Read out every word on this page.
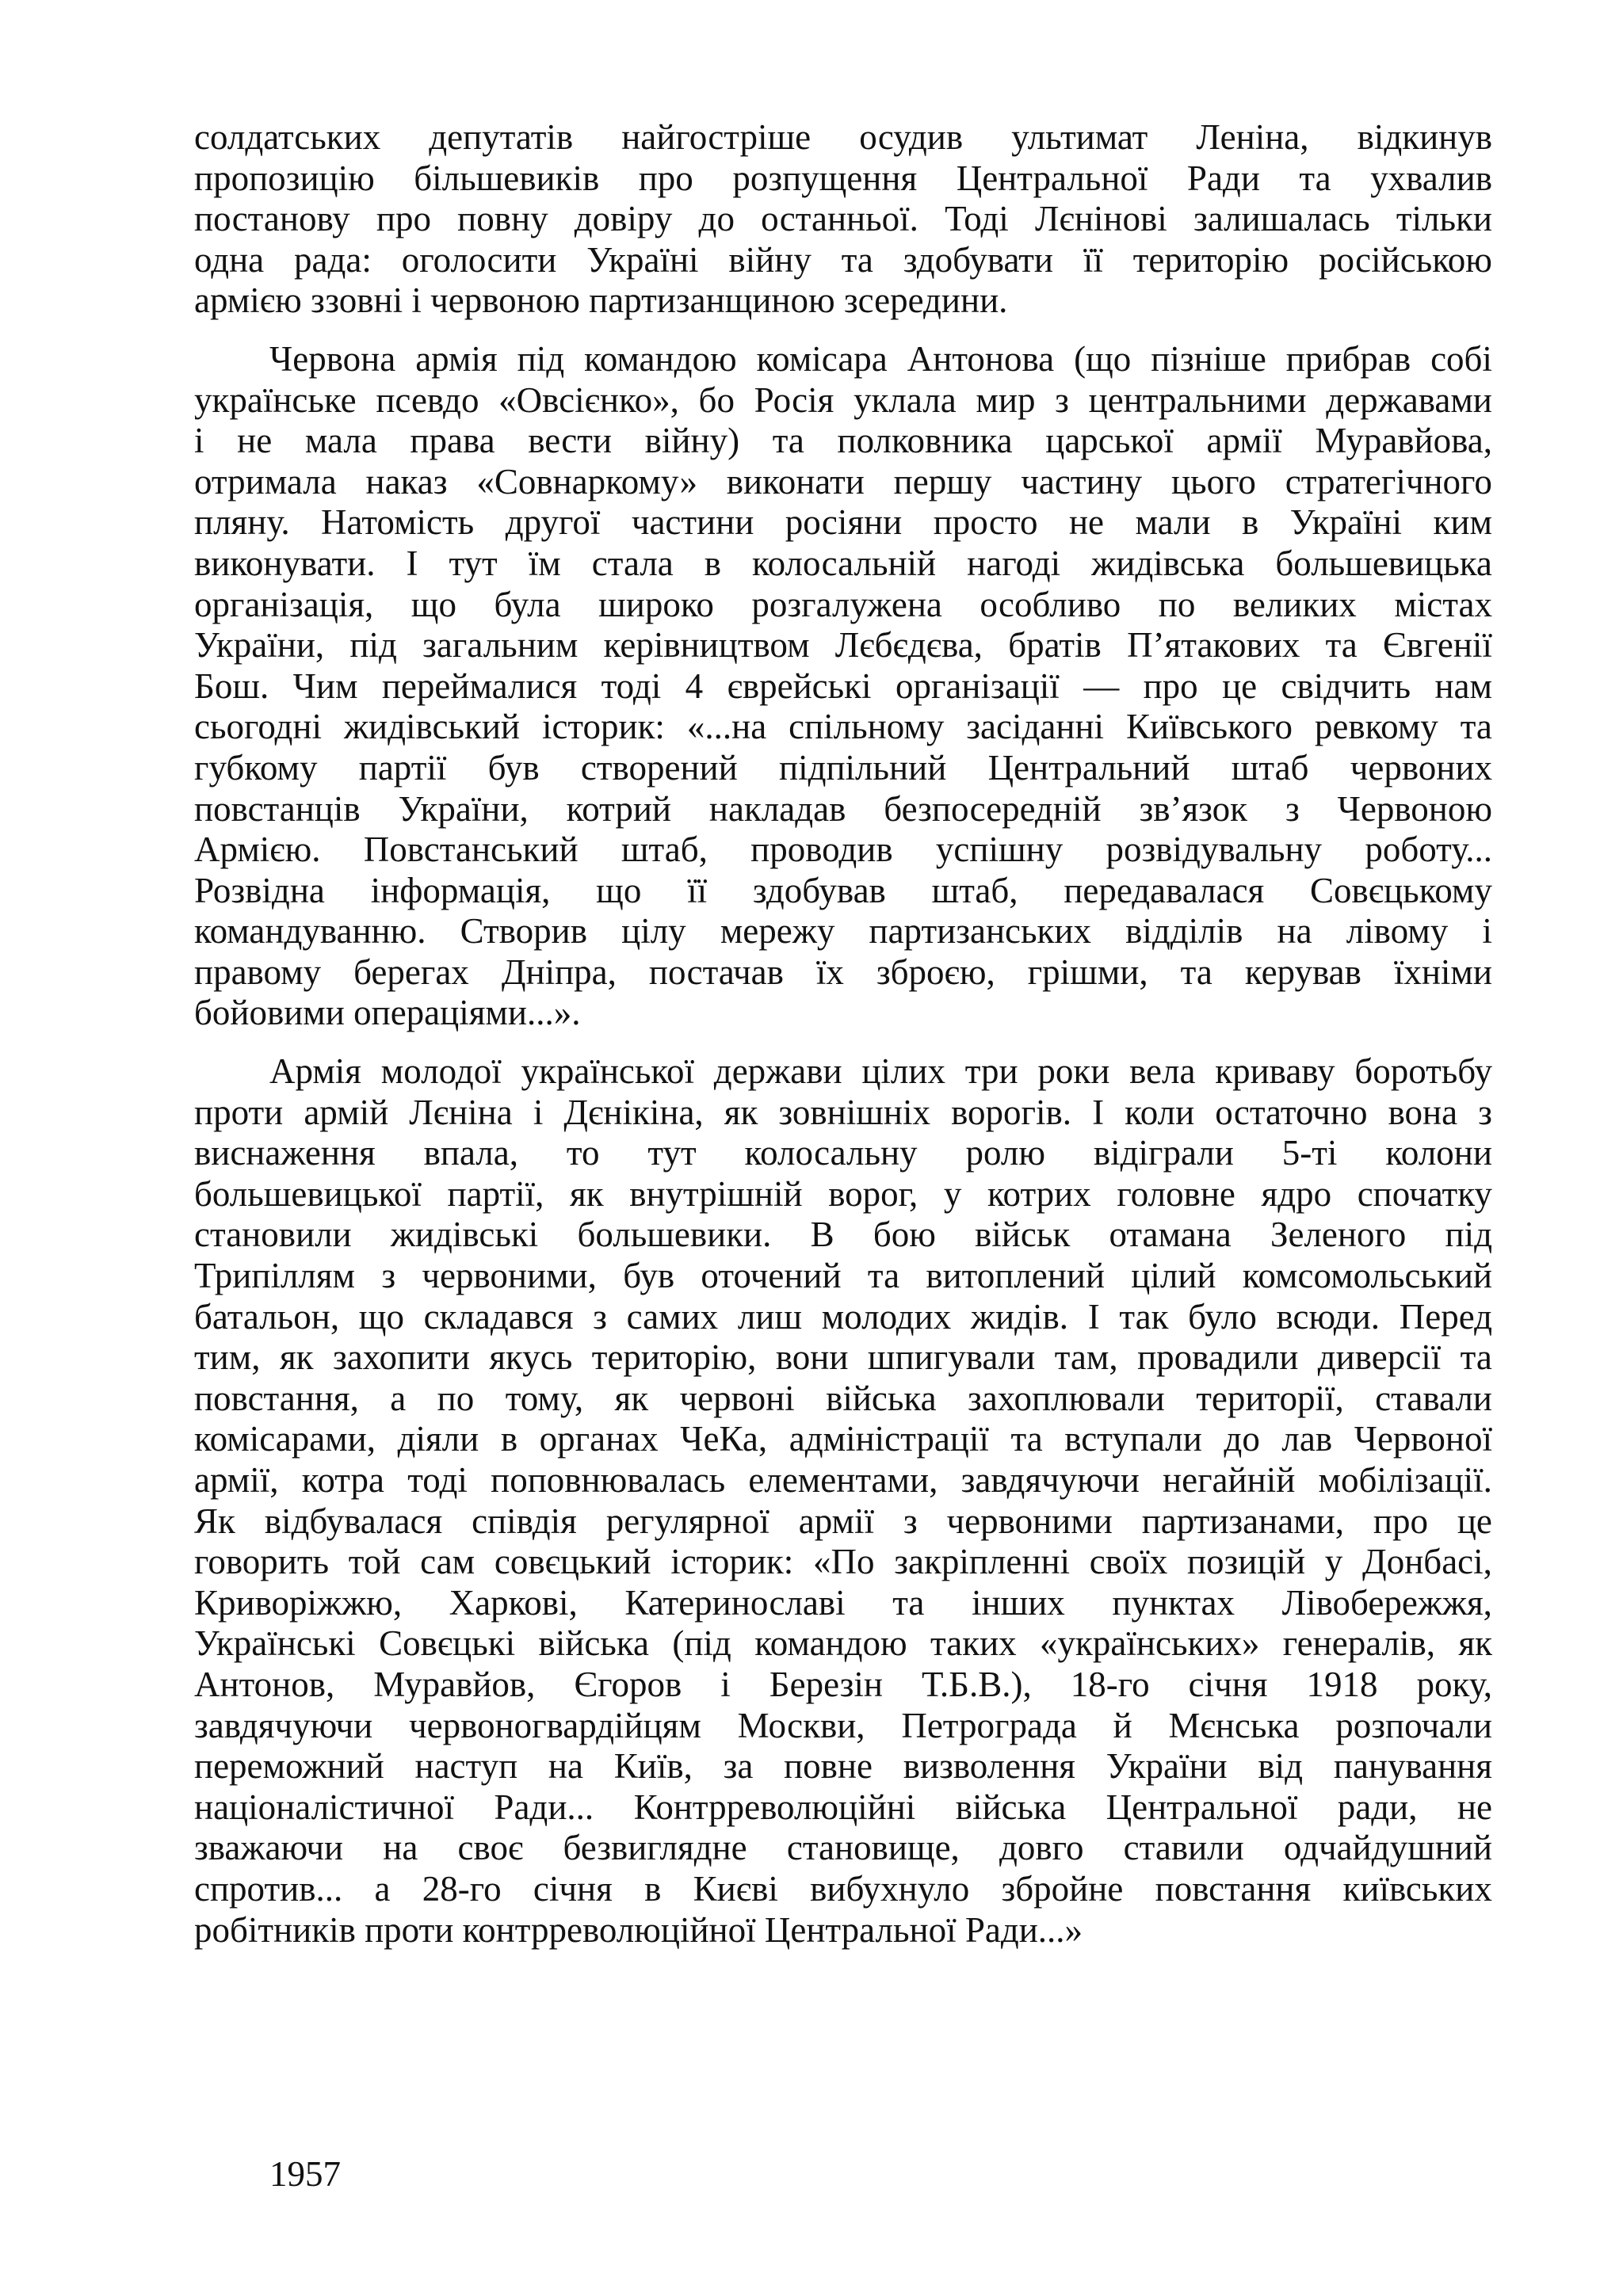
солдатських депутатів найгостріше осудив ультимат Леніна, відкинув
пропозицію більшевиків про розпущення Центральної Ради та ухвалив
постанову про повну довіру до останньої. Тоді Лєнінові залишалась тільки
одна рада: оголосити Україні війну та здобувати її територію російською
армією ззовні і червоною партизанщиною зсередини.

Червона армія під командою комісара Антонова (що пізніше прибрав собі
українське псевдо «Овсієнко», бо Росія уклала мир з центральними державами
і не мала права вести війну) та полковника царської армії Муравйова,
отримала наказ «Совнаркому» виконати першу частину цього стратегічного
пляну. Натомість другої частини росіяни просто не мали в Україні ким
виконувати. І тут їм стала в колосальній нагоді жидівська большевицька
організація, що була широко розгалужена особливо по великих містах
України, під загальним керівництвом Лєбєдєва, братів П’ятакових та Євгенії
Бош. Чим переймалися тоді 4 єврейські організації — про це свідчить нам
сьогодні жидівський історик: «...на спільному засіданні Київського ревкому та
губкому партії був створений підпільний Центральний штаб червоних
повстанців України, котрий накладав безпосередній зв’язок з Червоною
Армією. Повстанський штаб, проводив успішну розвідувальну роботу...
Розвідна інформація, що її здобував штаб, передавалася Совєцькому
командуванню. Створив цілу мережу партизанських відділів на лівому і
правому берегах Дніпра, постачав їх зброєю, грішми, та керував їхніми
бойовими операціями...».

Армія молодої української держави цілих три роки вела криваву боротьбу
проти армій Лєніна і Дєнікіна, як зовнішніх ворогів. І коли остаточно вона з
виснаження впала, то тут колосальну ролю відіграли 5-ті колони
большевицької партії, як внутрішній ворог, у котрих головне ядро спочатку
становили жидівські большевики. В бою військ отамана Зеленого під
Трипіллям з червоними, був оточений та витоплений цілий комсомольський
батальон, що складався з самих лиш молодих жидів. І так було всюди. Перед
тим, як захопити якусь територію, вони шпигували там, провадили диверсії та
повстання, а по тому, як червоні війська захоплювали території, ставали
комісарами, діяли в органах ЧеКа, адміністрації та вступали до лав Червоної
армії, котра тоді поповнювалась елементами, завдячуючи негайній мобілізації.
Як відбувалася співдія регулярної армії з червоними партизанами, про це
говорить той сам совєцький історик: «По закріпленні своїх позицій у Донбасі,
Криворіжжю, Харкові, Катеринославі та інших пунктах Лівобережжя,
Українські Совєцькі війська (під командою таких «українських» генералів, як
Антонов, Муравйов, Єгоров і Березін Т.Б.В.), 18-го січня 1918 року,
завдячуючи червоногвардійцям Москви, Петрограда й Мєнська розпочали
переможний наступ на Київ, за повне визволення України від панування
націоналістичної Ради... Контрреволюційні війська Центральної ради, не
зважаючи на своє безвиглядне становище, довго ставили одчайдушний
спротив... а 28-го січня в Києві вибухнуло збройне повстання київських
робітників проти контрреволюційної Центральної Ради...»

1957
